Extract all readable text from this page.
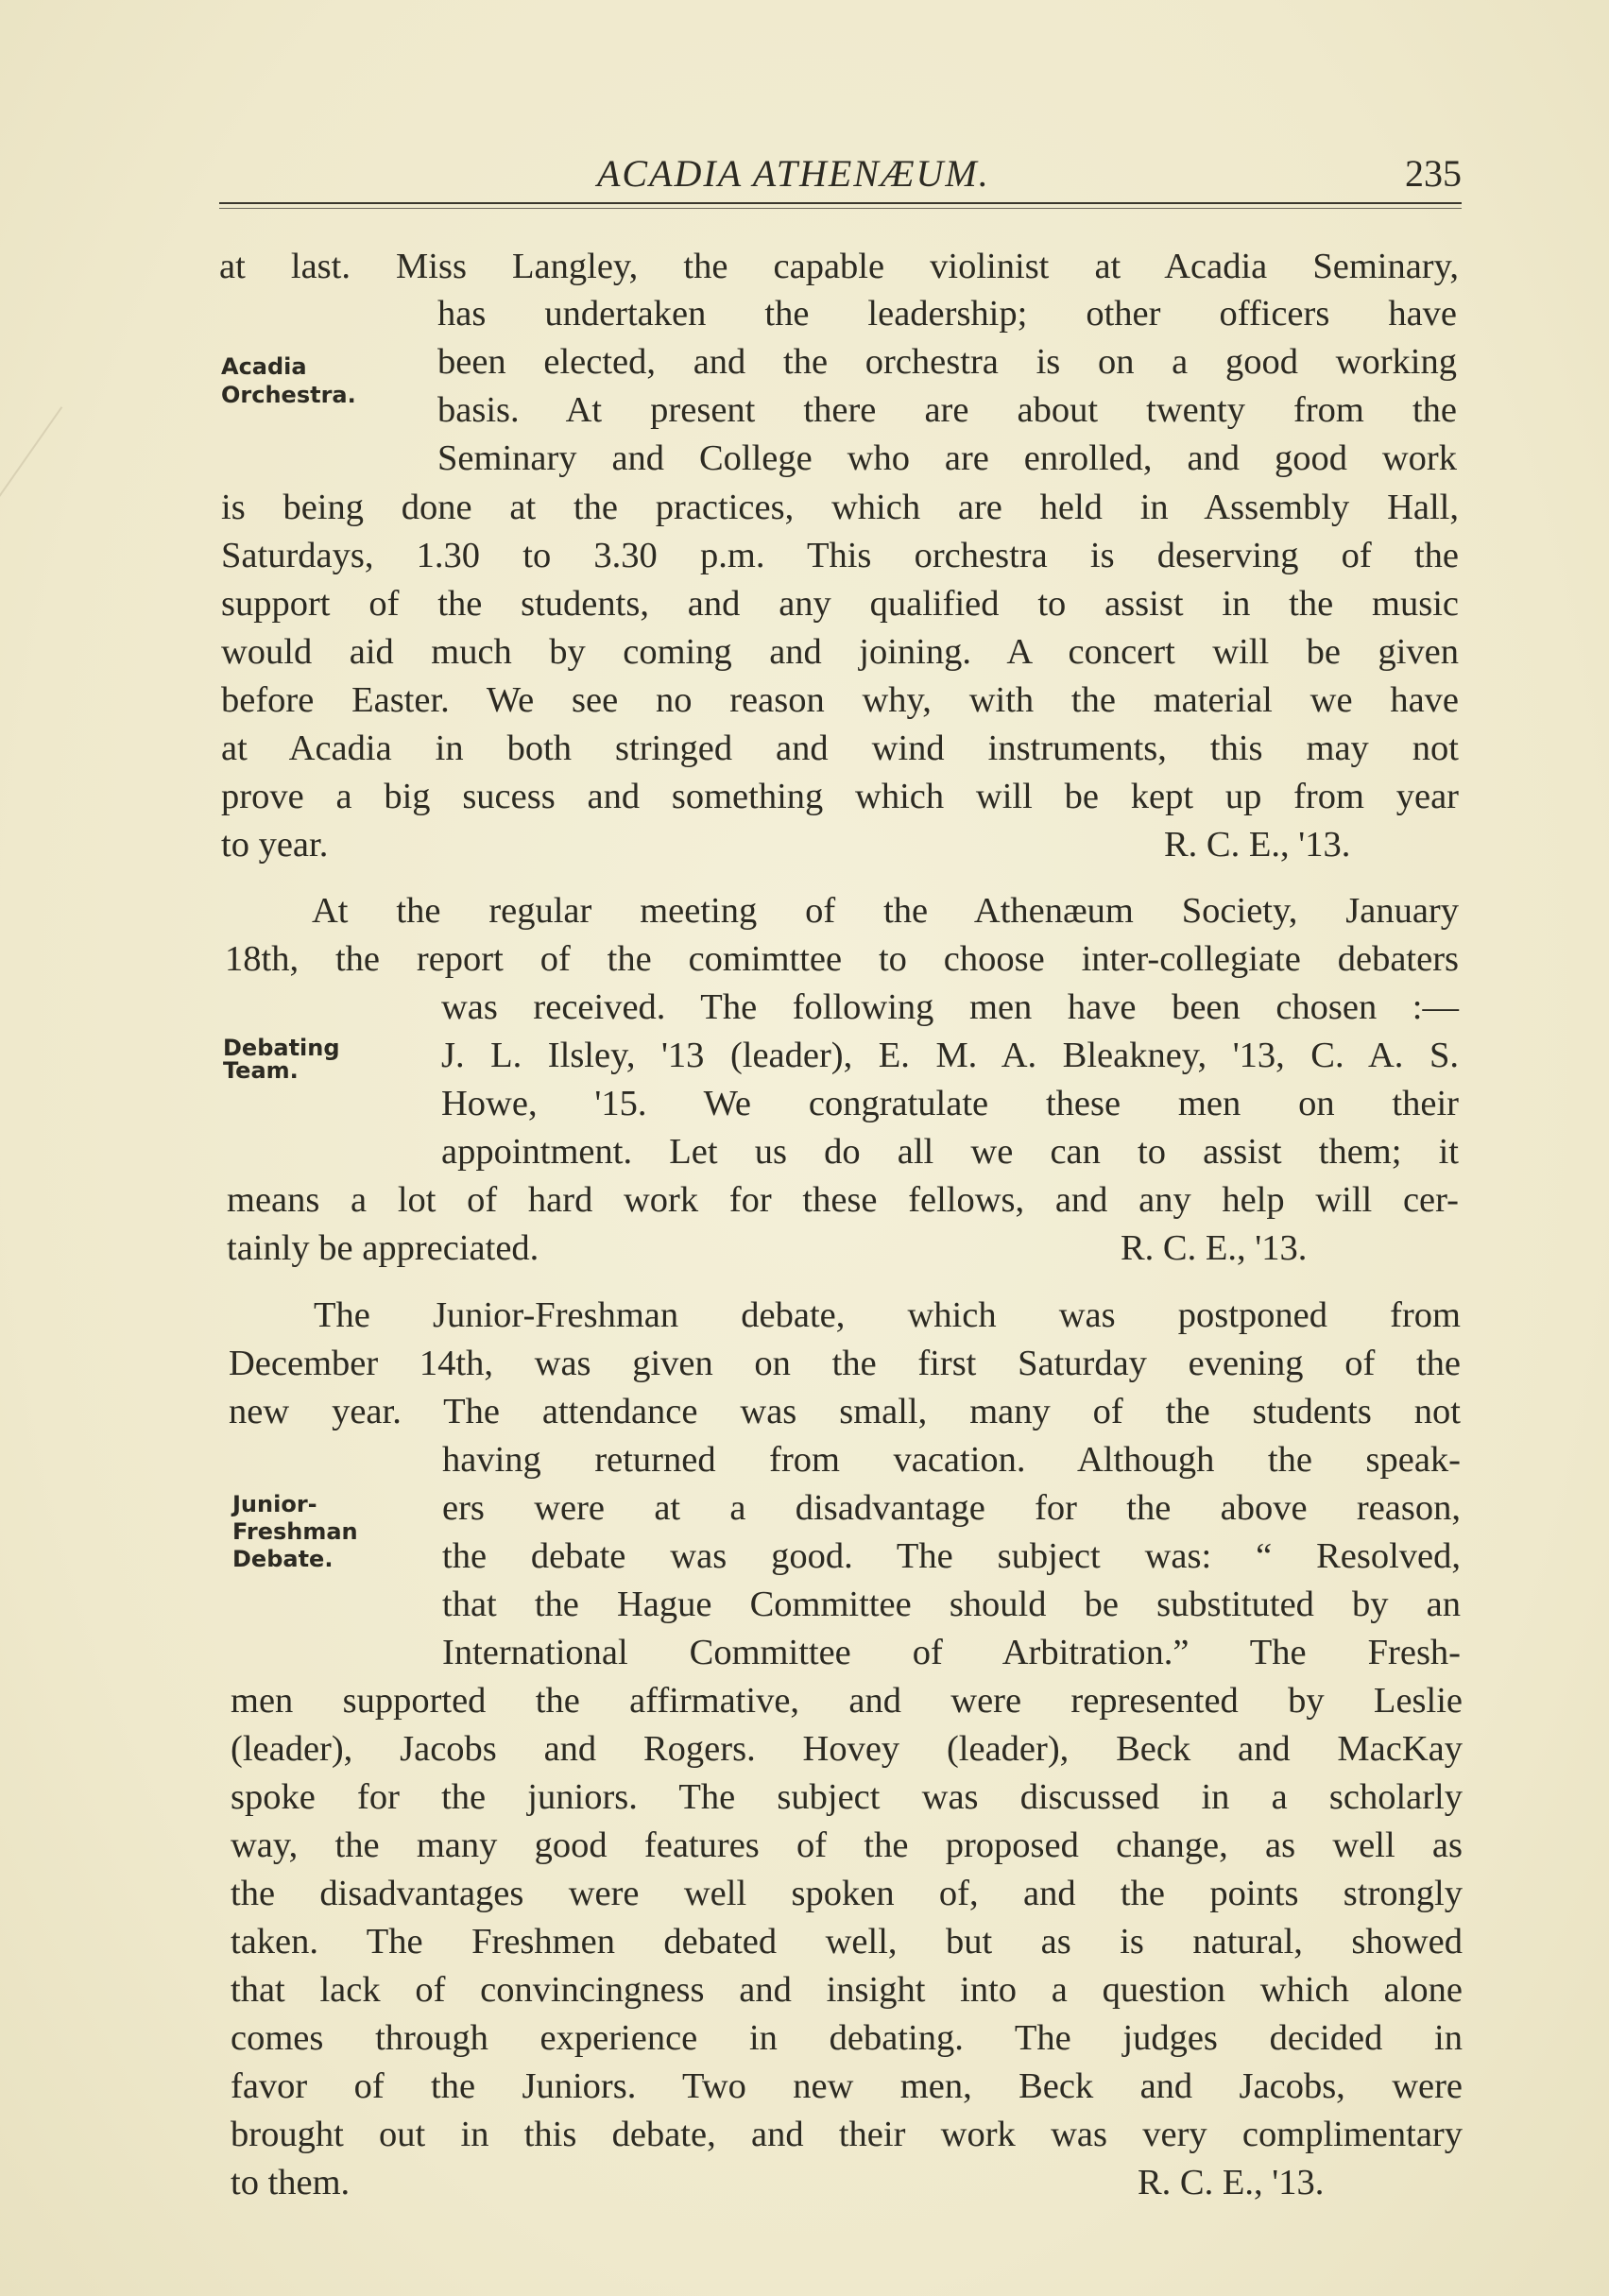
ACADIA ATHENÆUM.	235
Acadia
Orchestra.
Debating
Team.
Junior-
Freshman
Debate.
at last. Miss Langley, the capable violinist at Acadia Seminary,
has undertaken the leadership; other officers have
been elected, and the orchestra is on a good working
basis. At present there are about twenty from the
Seminary and College who are enrolled, and good work
is being done at the practices, which are held in Assembly Hall,
Saturdays, 1.30 to 3.30 p.m. This orchestra is deserving of the
support of the students, and any qualified to assist in the music
would aid much by coming and joining. A concert will be given
before Easter. We see no reason why, with the material we have
at Acadia in both stringed and wind instruments, this may not
prove a big sucess and something which will be kept up from year
to year.	R. C. E., '13.
At the regular meeting of the Athenæum Society, January
18th, the report of the comimttee to choose inter-collegiate debaters
was received. The following men have been chosen :—
J. L. Ilsley, '13 (leader), E. M. A. Bleakney, '13, C. A. S.
Howe, '15. We congratulate these men on their
appointment. Let us do all we can to assist them; it
means a lot of hard work for these fellows, and any help will cer-
tainly be appreciated.	R. C. E., '13.
The Junior-Freshman debate, which was postponed from
December 14th, was given on the first Saturday evening of the
new year. The attendance was small, many of the students not
having returned from vacation. Although the speak-
ers were at a disadvantage for the above reason,
the debate was good. The subject was: “ Resolved,
that the Hague Committee should be substituted by an
International Committee of Arbitration.” The Fresh-
men supported the affirmative, and were represented by Leslie
(leader), Jacobs and Rogers. Hovey (leader), Beck and MacKay
spoke for the juniors. The subject was discussed in a scholarly
way, the many good features of the proposed change, as well as
the disadvantages were well spoken of, and the points strongly
taken. The Freshmen debated well, but as is natural, showed
that lack of convincingness and insight into a question which alone
comes through experience in debating. The judges decided in
favor of the Juniors. Two new men, Beck and Jacobs, were
brought out in this debate, and their work was very complimentary
to them.	R. C. E., '13.
